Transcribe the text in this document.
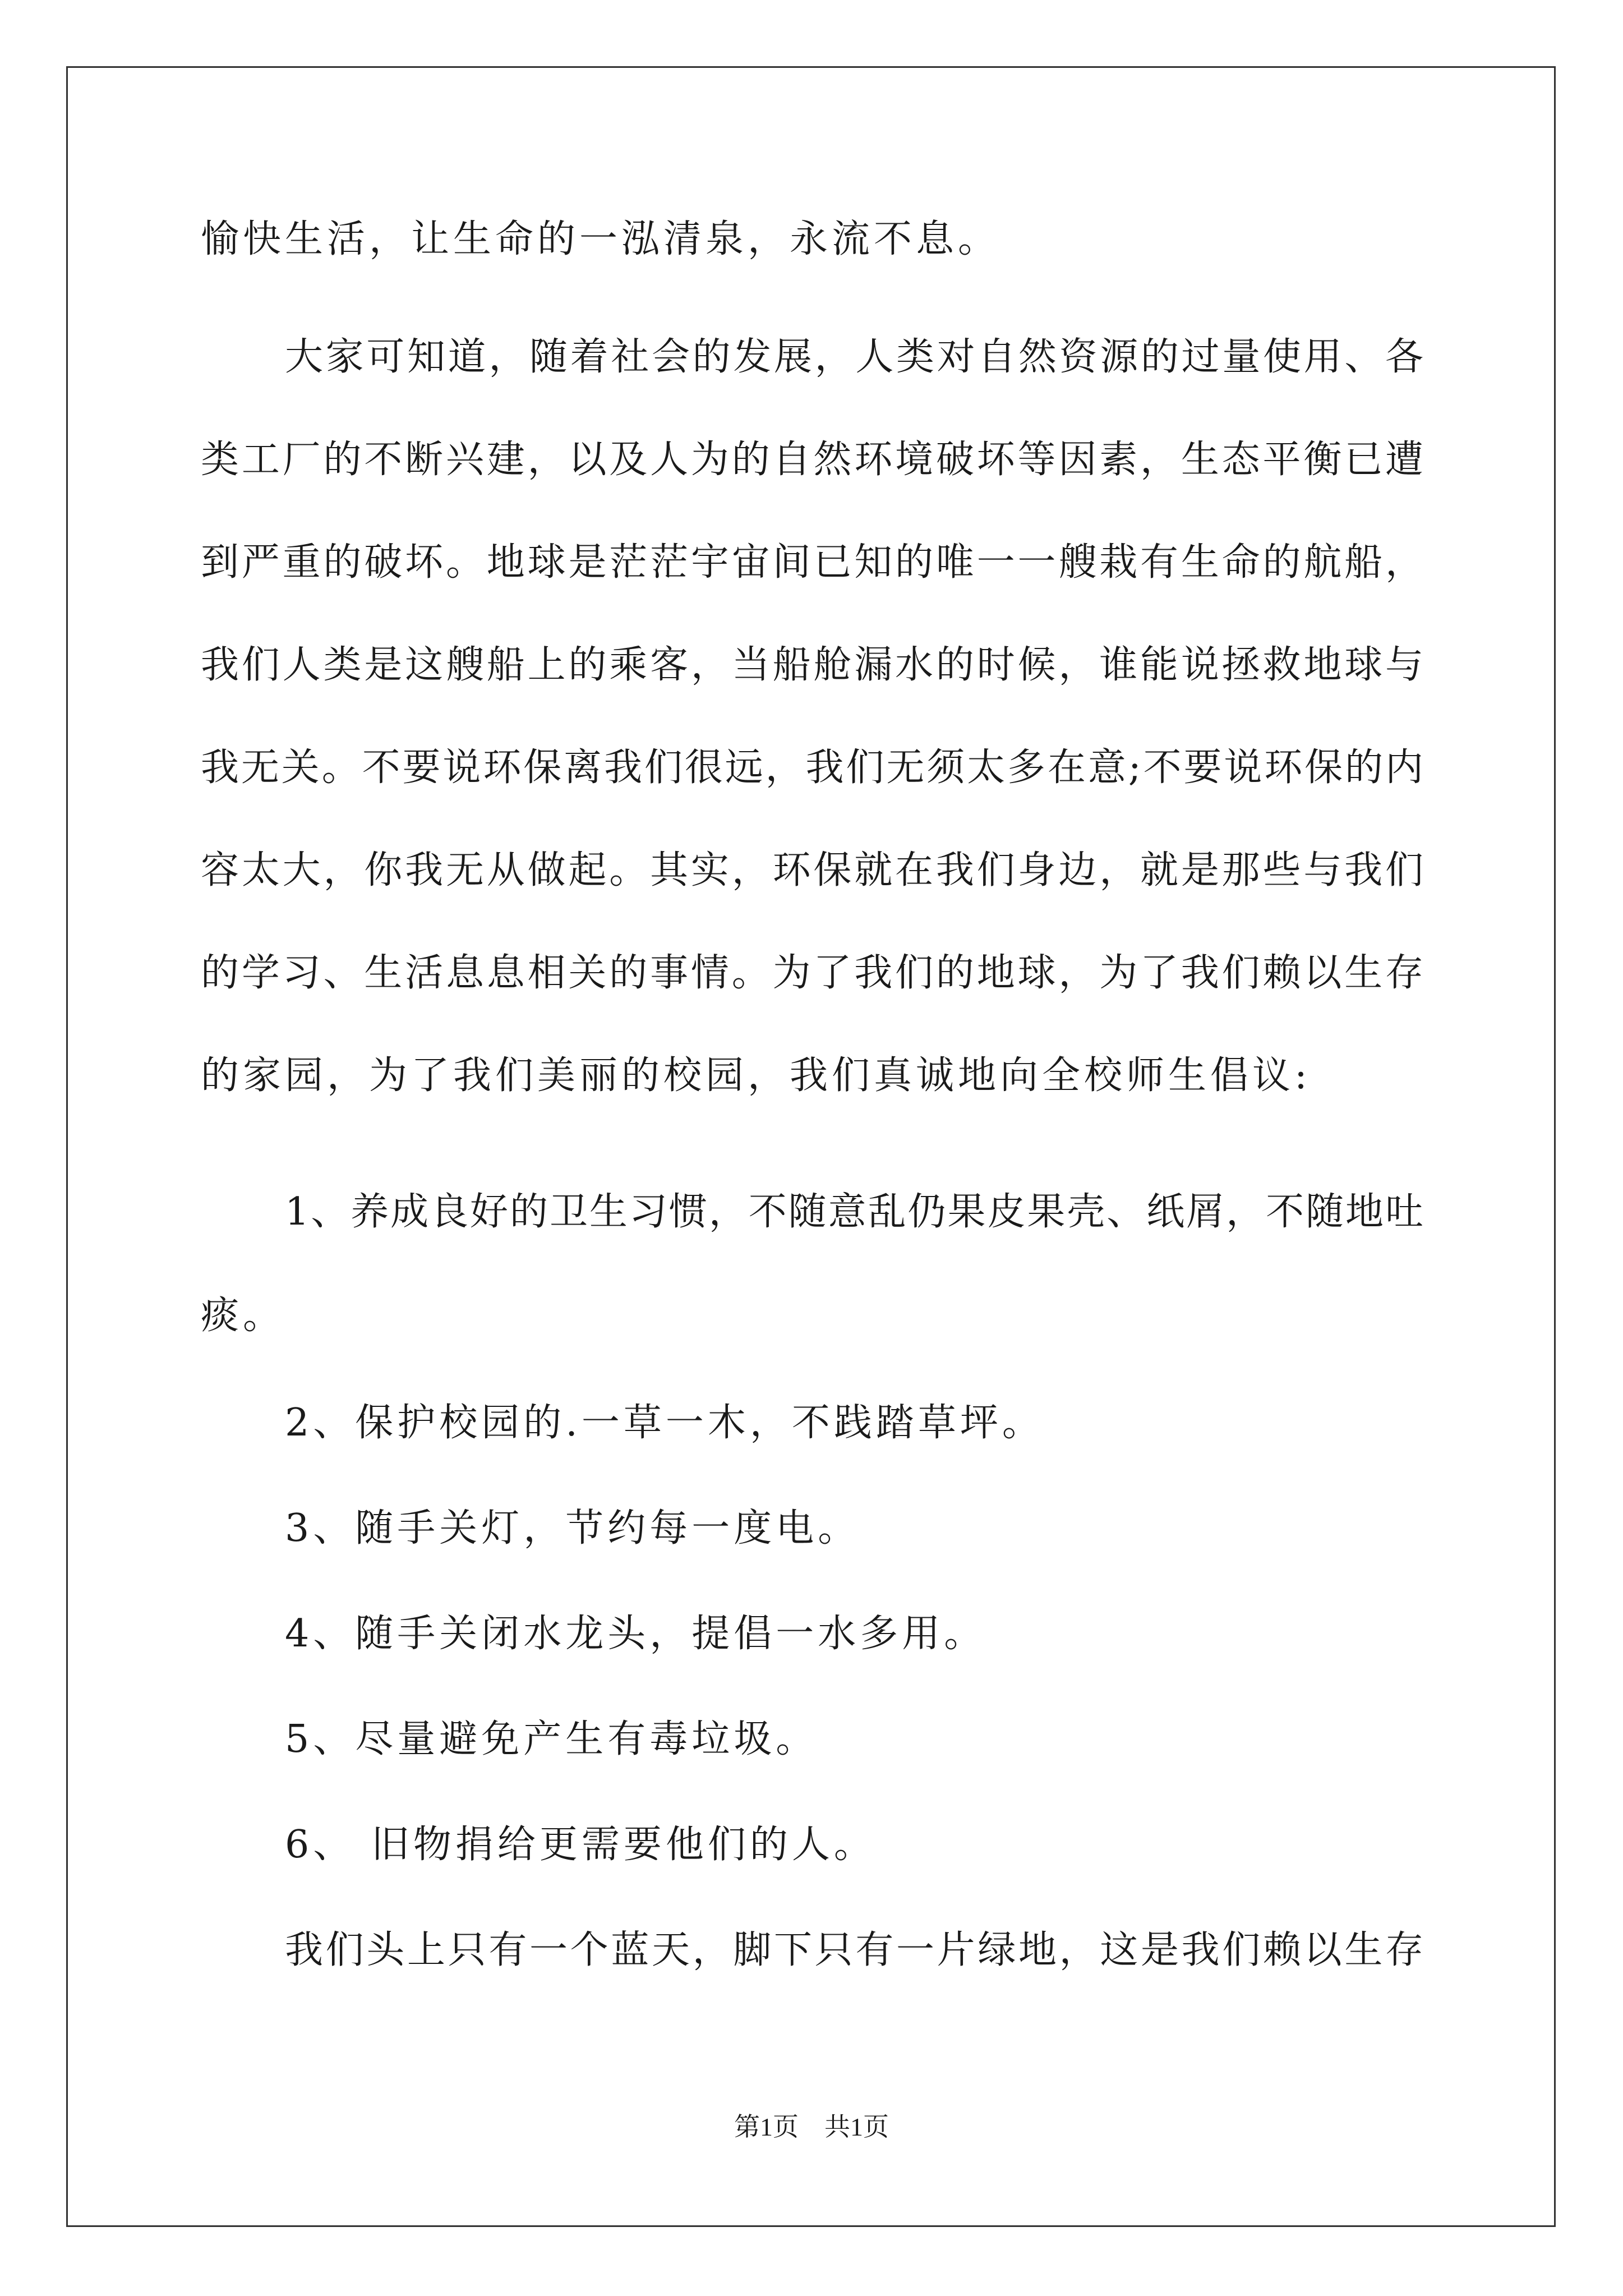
愉快生活，让生命的一泓清泉，永流不息。
大家可知道，随着社会的发展，人类对自然资源的过量使用、各
类工厂的不断兴建，以及人为的自然环境破坏等因素，生态平衡已遭
到严重的破坏。地球是茫茫宇宙间已知的唯一一艘栽有生命的航船，
我们人类是这艘船上的乘客，当船舱漏水的时候，谁能说拯救地球与
我无关。不要说环保离我们很远，我们无须太多在意;不要说环保的内
容太大，你我无从做起。其实，环保就在我们身边，就是那些与我们
的学习、生活息息相关的事情。为了我们的地球，为了我们赖以生存
的家园，为了我们美丽的校园，我们真诚地向全校师生倡议:
1、养成良好的卫生习惯，不随意乱仍果皮果壳、纸屑，不随地吐
痰。
2、保护校园的.一草一木，不践踏草坪。
3、随手关灯，节约每一度电。
4、随手关闭水龙头，提倡一水多用。
5、尽量避免产生有毒垃圾。
6、 旧物捐给更需要他们的人。
我们头上只有一个蓝天，脚下只有一片绿地，这是我们赖以生存
第1页　共1页
